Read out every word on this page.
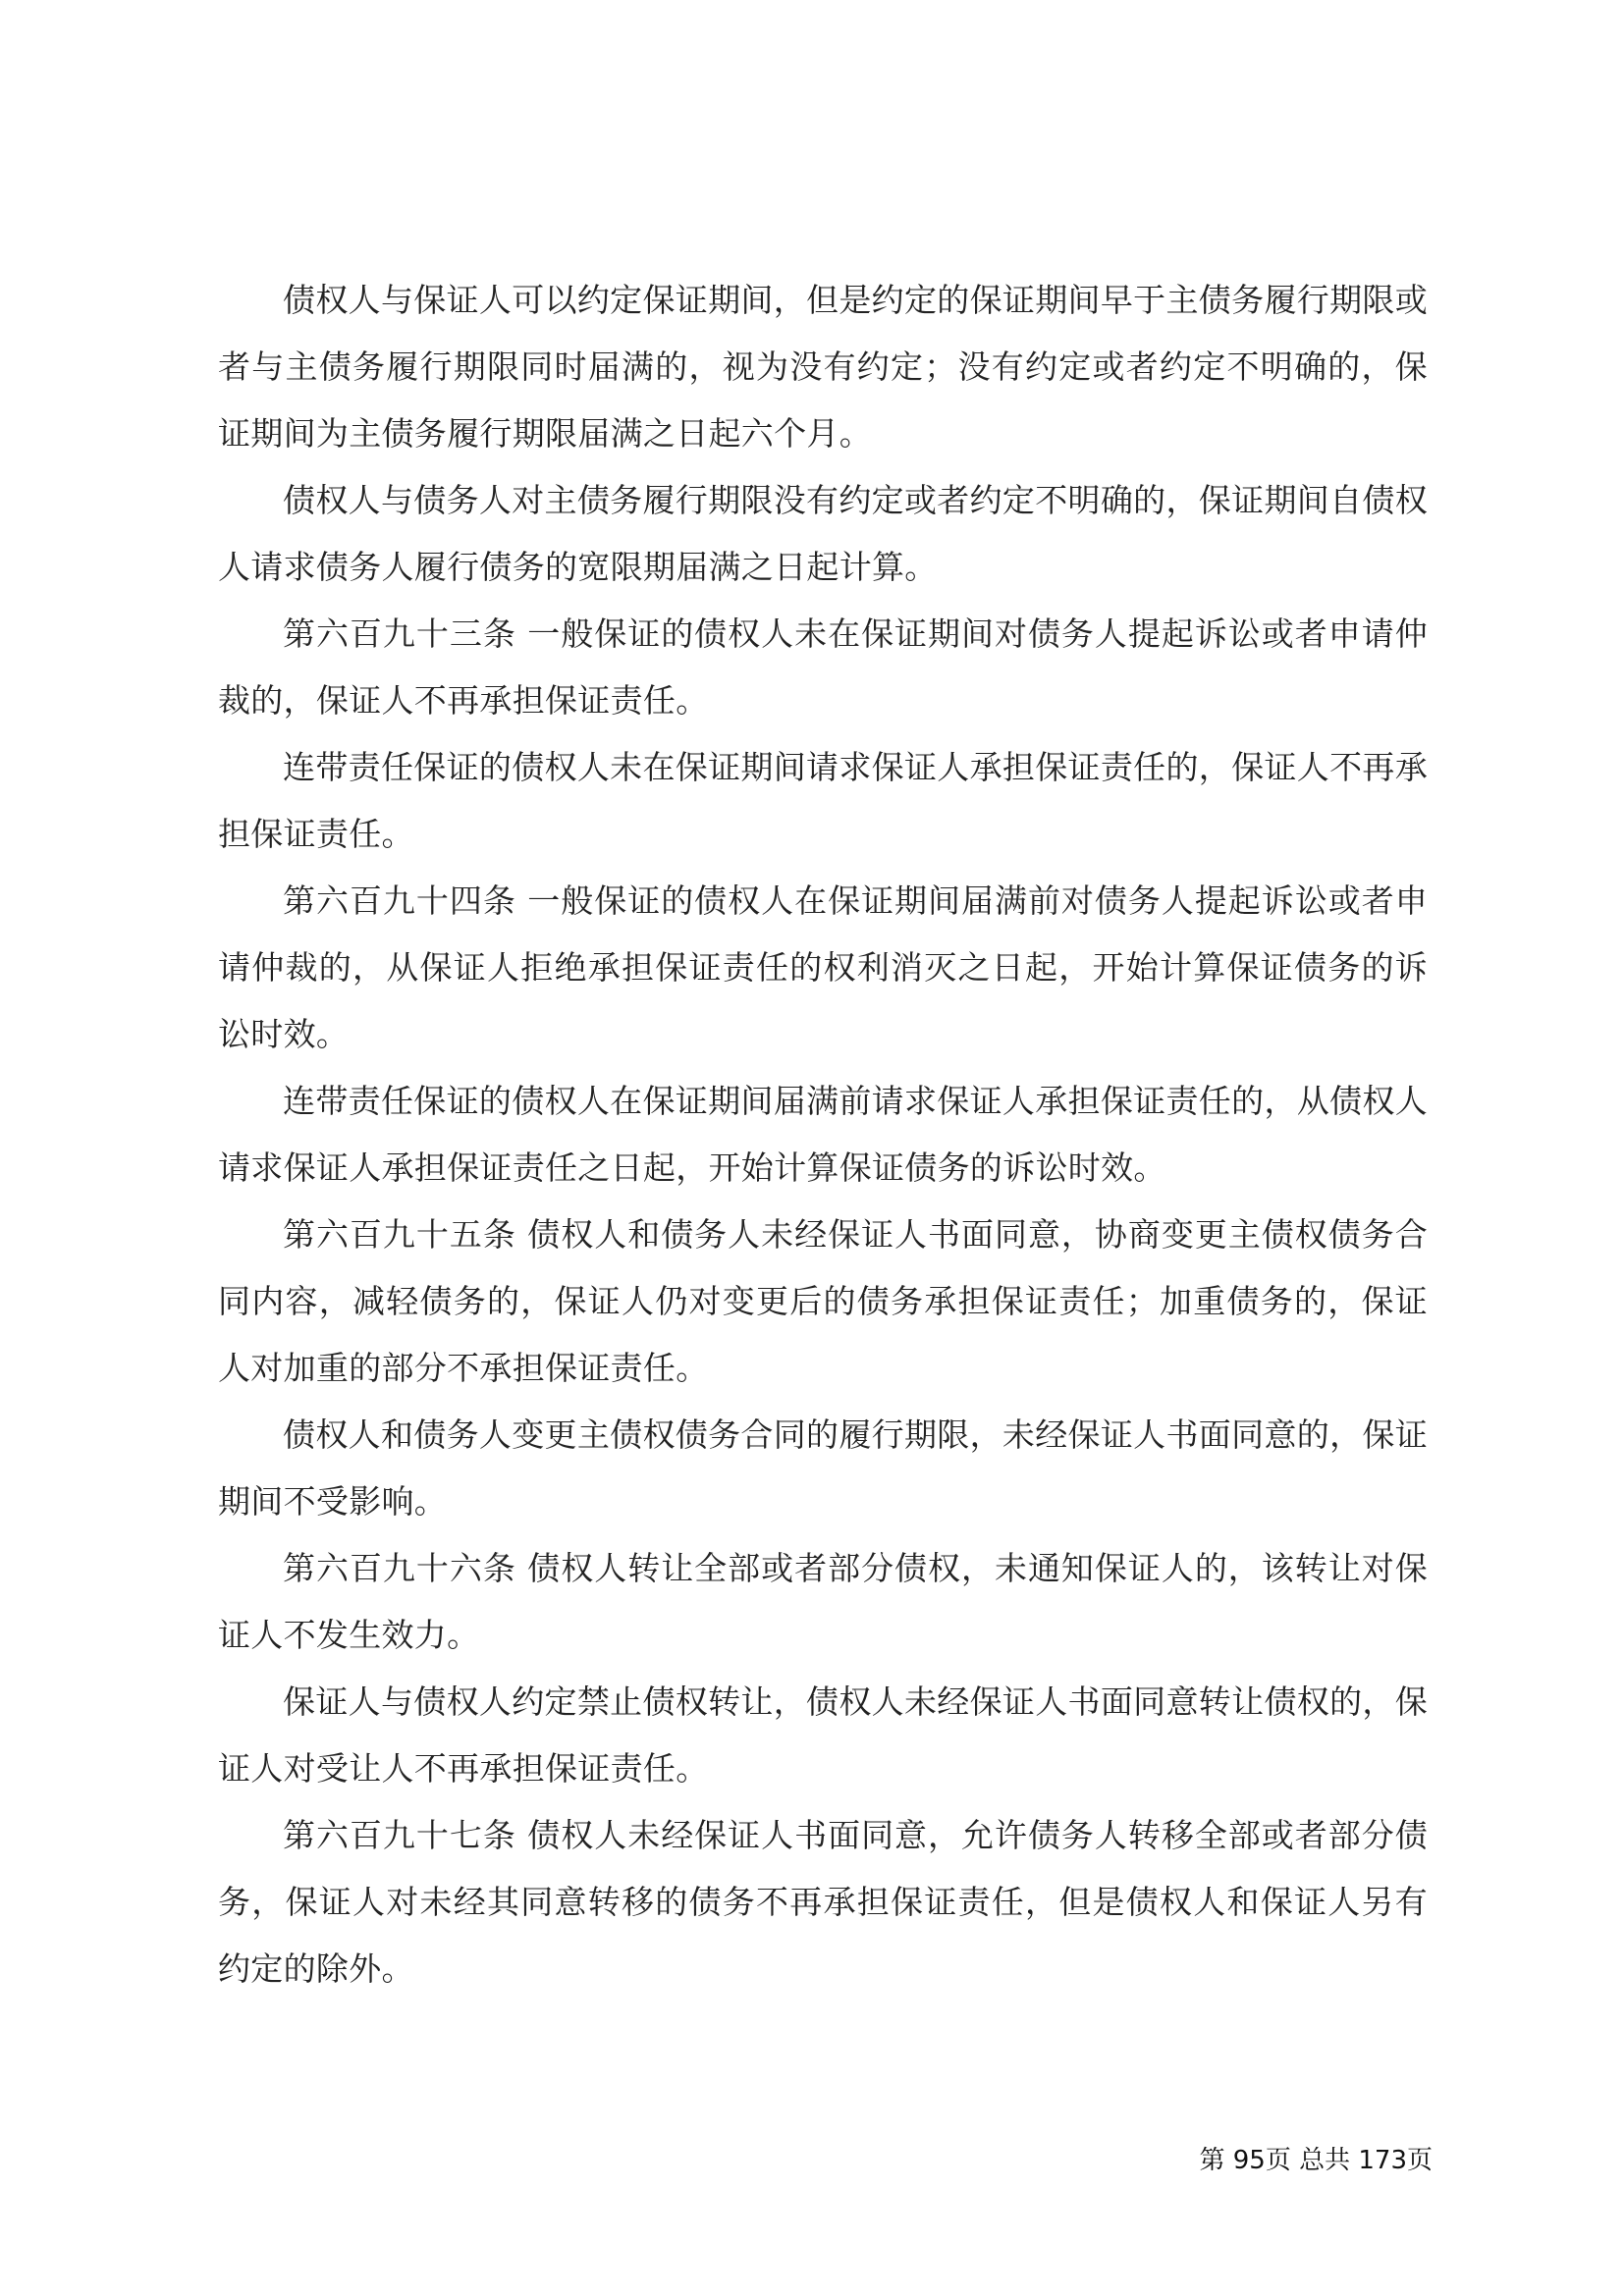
债权人与保证人可以约定保证期间，但是约定的保证期间早于主债务履行期限或者与主债务履行期限同时届满的，视为没有约定；没有约定或者约定不明确的，保证期间为主债务履行期限届满之日起六个月。

债权人与债务人对主债务履行期限没有约定或者约定不明确的，保证期间自债权人请求债务人履行债务的宽限期届满之日起计算。

第六百九十三条 一般保证的债权人未在保证期间对债务人提起诉讼或者申请仲裁的，保证人不再承担保证责任。

连带责任保证的债权人未在保证期间请求保证人承担保证责任的，保证人不再承担保证责任。

第六百九十四条 一般保证的债权人在保证期间届满前对债务人提起诉讼或者申请仲裁的，从保证人拒绝承担保证责任的权利消灭之日起，开始计算保证债务的诉讼时效。

连带责任保证的债权人在保证期间届满前请求保证人承担保证责任的，从债权人请求保证人承担保证责任之日起，开始计算保证债务的诉讼时效。

第六百九十五条 债权人和债务人未经保证人书面同意，协商变更主债权债务合同内容，减轻债务的，保证人仍对变更后的债务承担保证责任；加重债务的，保证人对加重的部分不承担保证责任。

债权人和债务人变更主债权债务合同的履行期限，未经保证人书面同意的，保证期间不受影响。

第六百九十六条 债权人转让全部或者部分债权，未通知保证人的，该转让对保证人不发生效力。

保证人与债权人约定禁止债权转让，债权人未经保证人书面同意转让债权的，保证人对受让人不再承担保证责任。

第六百九十七条 债权人未经保证人书面同意，允许债务人转移全部或者部分债务，保证人对未经其同意转移的债务不再承担保证责任，但是债权人和保证人另有约定的除外。

第 95页 总共 173页
